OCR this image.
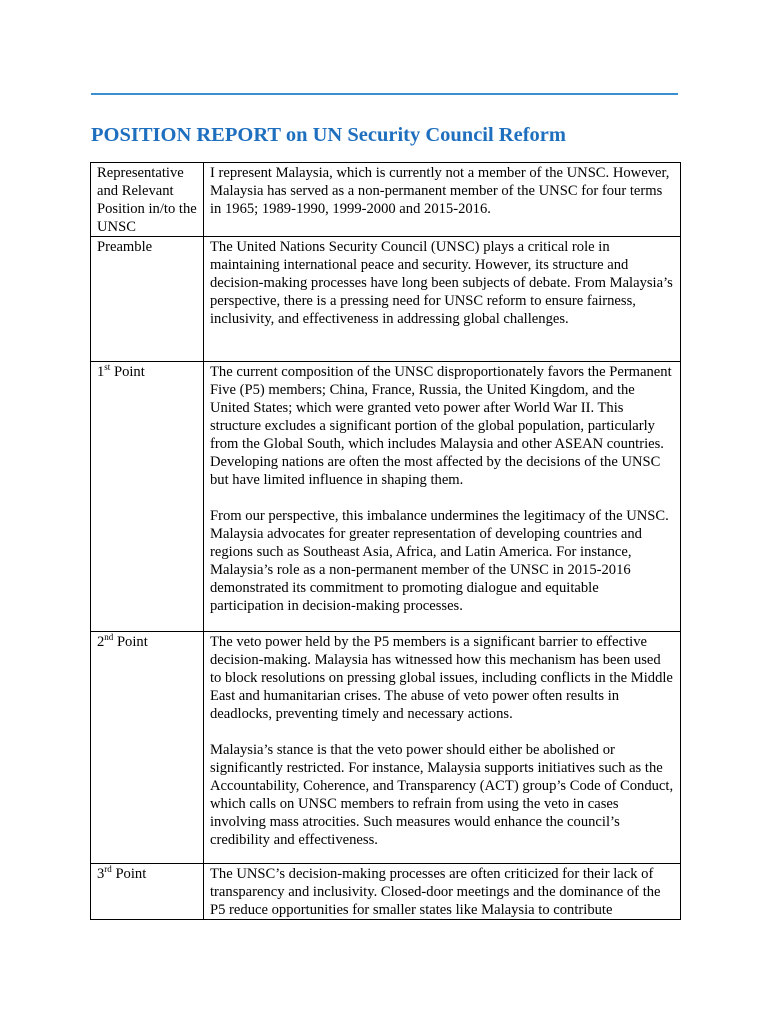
POSITION REPORT on UN Security Council Reform
Representative and Relevant Position in/to the UNSC	I represent Malaysia, which is currently not a member of the UNSC. However, Malaysia has served as a non-permanent member of the UNSC for four terms in 1965; 1989-1990, 1999-2000 and 2015-2016.

Preamble	The United Nations Security Council (UNSC) plays a critical role in maintaining international peace and security. However, its structure and decision-making processes have long been subjects of debate. From Malaysia’s perspective, there is a pressing need for UNSC reform to ensure fairness, inclusivity, and effectiveness in addressing global challenges.

1st Point	The current composition of the UNSC disproportionately favors the Permanent Five (P5) members; China, France, Russia, the United Kingdom, and the United States; which were granted veto power after World War II. This structure excludes a significant portion of the global population, particularly from the Global South, which includes Malaysia and other ASEAN countries. Developing nations are often the most affected by the decisions of the UNSC but have limited influence in shaping them.

From our perspective, this imbalance undermines the legitimacy of the UNSC. Malaysia advocates for greater representation of developing countries and regions such as Southeast Asia, Africa, and Latin America. For instance, Malaysia’s role as a non-permanent member of the UNSC in 2015-2016 demonstrated its commitment to promoting dialogue and equitable participation in decision-making processes.

2nd Point	The veto power held by the P5 members is a significant barrier to effective decision-making. Malaysia has witnessed how this mechanism has been used to block resolutions on pressing global issues, including conflicts in the Middle East and humanitarian crises. The abuse of veto power often results in deadlocks, preventing timely and necessary actions.

Malaysia’s stance is that the veto power should either be abolished or significantly restricted. For instance, Malaysia supports initiatives such as the Accountability, Coherence, and Transparency (ACT) group’s Code of Conduct, which calls on UNSC members to refrain from using the veto in cases involving mass atrocities. Such measures would enhance the council’s credibility and effectiveness.

3rd Point	The UNSC’s decision-making processes are often criticized for their lack of transparency and inclusivity. Closed-door meetings and the dominance of the P5 reduce opportunities for smaller states like Malaysia to contribute
